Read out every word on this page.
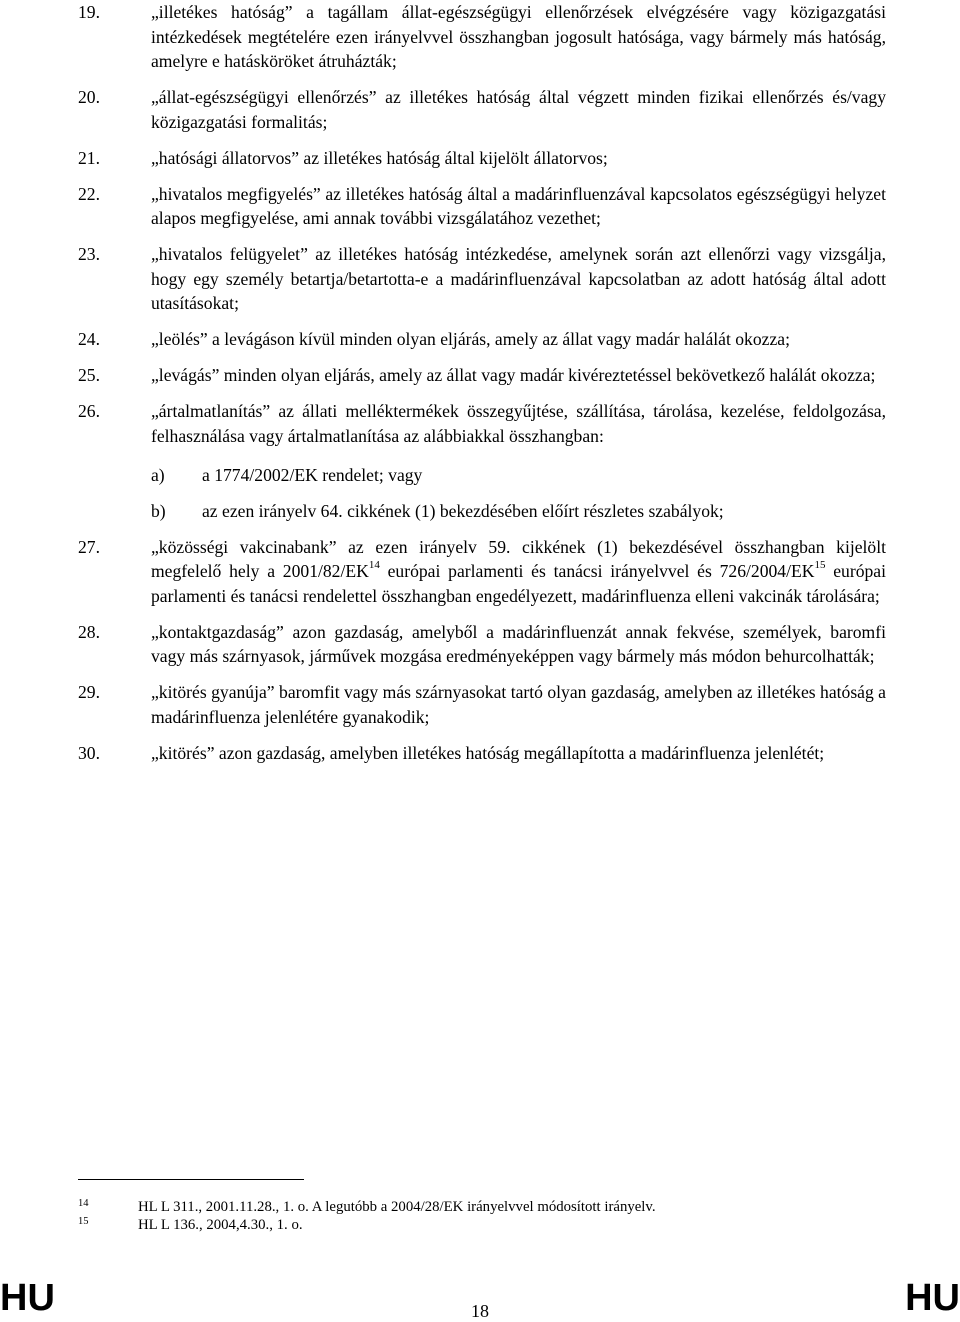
19.	„illetékes hatóság” a tagállam állat-egészségügyi ellenőrzések elvégzésére vagy közigazgatási intézkedések megtételére ezen irányelvvel összhangban jogosult hatósága, vagy bármely más hatóság, amelyre e hatásköröket átruházták;
20.	„állat-egészségügyi ellenőrzés” az illetékes hatóság által végzett minden fizikai ellenőrzés és/vagy közigazgatási formalitás;
21.	„hatósági állatorvos” az illetékes hatóság által kijelölt állatorvos;
22.	„hivatalos megfigyelés” az illetékes hatóság által a madárinfluenzával kapcsolatos egészségügyi helyzet alapos megfigyelése, ami annak további vizsgálatához vezethet;
23.	„hivatalos felügyelet” az illetékes hatóság intézkedése, amelynek során azt ellenőrzi vagy vizsgálja, hogy egy személy betartja/betartotta-e a madárinfluenzával kapcsolatban az adott hatóság által adott utasításokat;
24.	„leölés” a levágáson kívül minden olyan eljárás, amely az állat vagy madár halálát okozza;
25.	„levágás” minden olyan eljárás, amely az állat vagy madár kivéreztetéssel bekövetkező halálát okozza;
26.	„ártalmatlanítás” az állati melléktermékek összegyűjtése, szállítása, tárolása, kezelése, feldolgozása, felhasználása vagy ártalmatlanítása az alábbiakkal összhangban:
a)	a 1774/2002/EK rendelet; vagy
b)	az ezen irányelv 64. cikkének (1) bekezdésében előírt részletes szabályok;
27.	„közösségi vakcinabank” az ezen irányelv 59. cikkének (1) bekezdésével összhangban kijelölt megfelelő hely a 2001/82/EK$^{14}$ európai parlamenti és tanácsi irányelvvel és 726/2004/EK$^{15}$ európai parlamenti és tanácsi rendelettel összhangban engedélyezett, madárinfluenza elleni vakcinák tárolására;
28.	„kontaktgazdaság” azon gazdaság, amelyből a madárinfluenzát annak fekvése, személyek, baromfi vagy más szárnyasok, járművek mozgása eredményeképpen vagy bármely más módon behurcolhatták;
29.	„kitörés gyanúja” baromfit vagy más szárnyasokat tartó olyan gazdaság, amelyben az illetékes hatóság a madárinfluenza jelenlétére gyanakodik;
30.	„kitörés” azon gazdaság, amelyben illetékes hatóság megállapította a madárinfluenza jelenlétét;
14	HL L 311., 2001.11.28., 1. o. A legutóbb a 2004/28/EK irányelvvel módosított irányelv.
15	HL L 136., 2004,4.30., 1. o.
HU	18	HU
